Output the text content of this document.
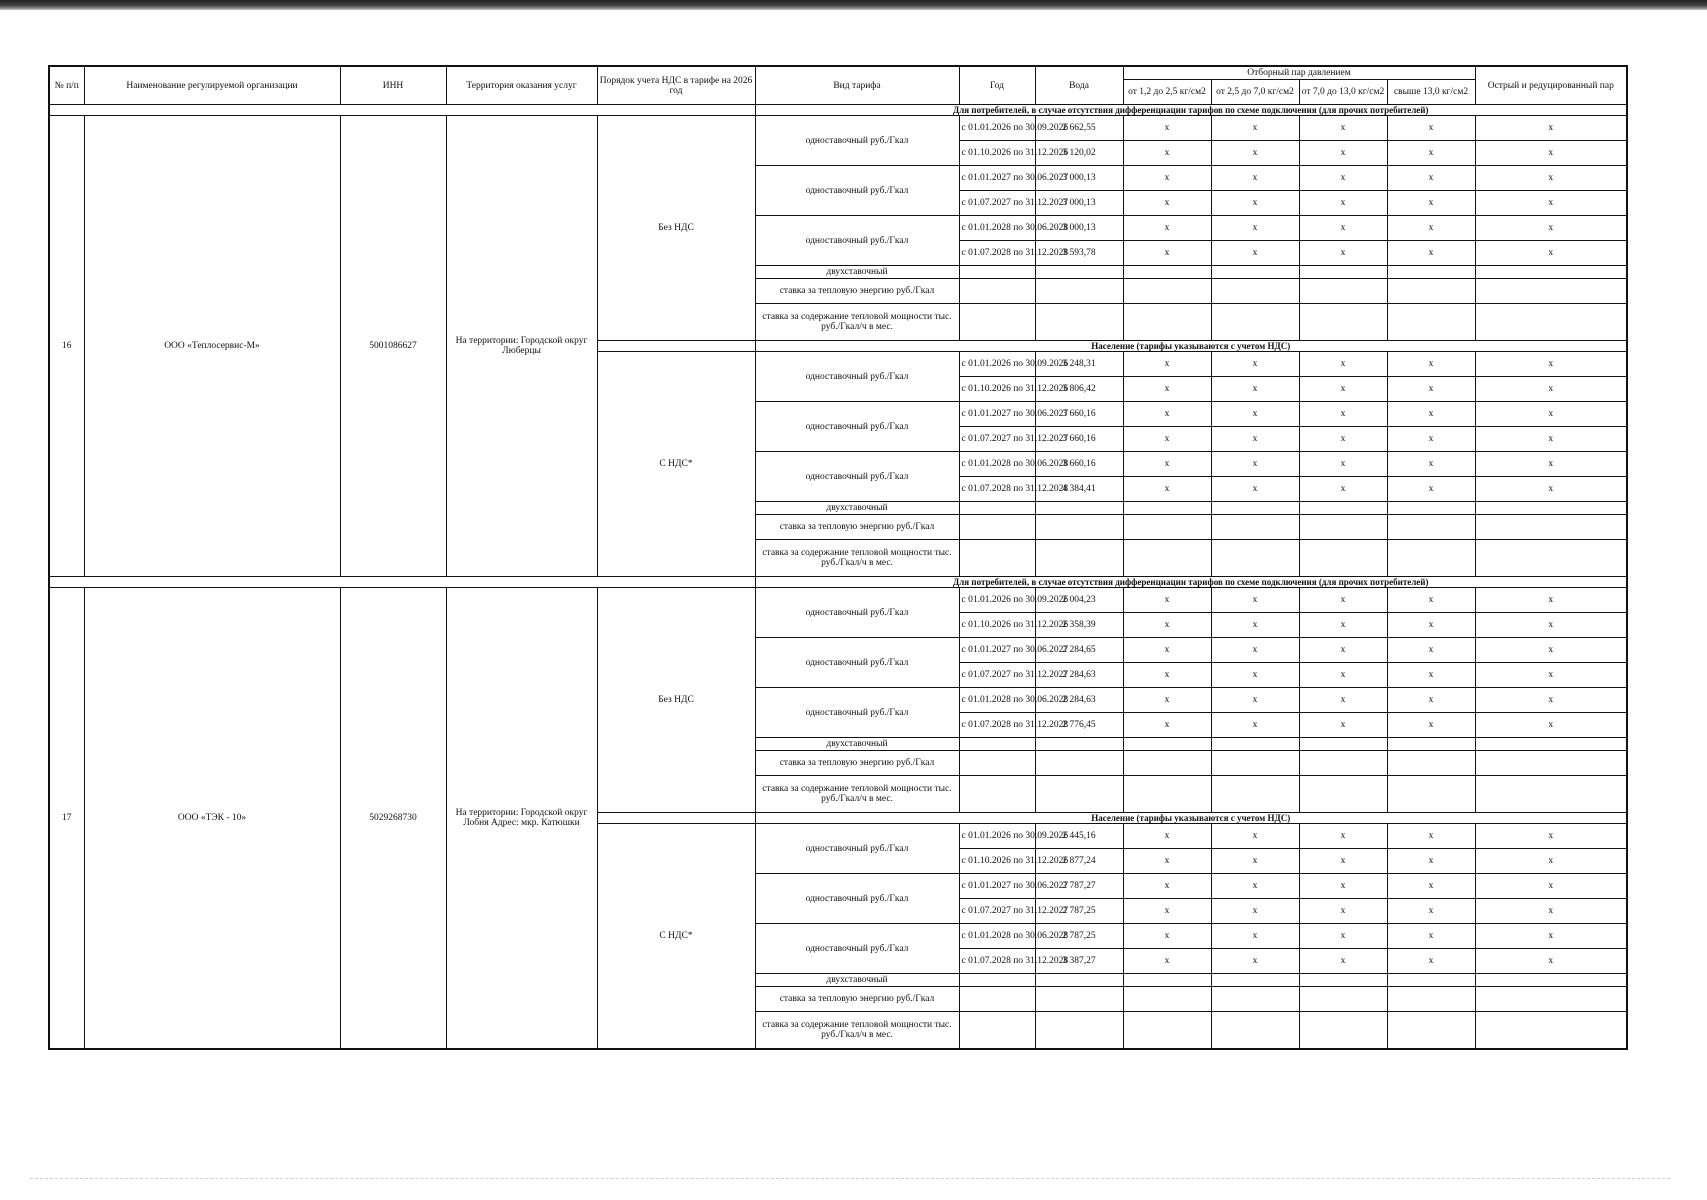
№ п/п	Наименование регулируемой организации	ИНН	Территория оказания услуг	Порядок учета НДС в тарифе на 2026 год	Вид тарифа	Год	Вода	Отборный пар давлением				Острый и редуцированный пар
								от 1,2 до 2,5 кг/см2	от 2,5 до 7,0 кг/см2	от 7,0 до 13,0 кг/см2	свыше 13,0 кг/см2	
					Для потребителей, в случае отсутствия дифференциации тарифов по схеме подключения (для прочих потребителей)							
16	ООО «Теплосервис-М»	5001086627	На территории: Городской округ Люберцы	Без НДС	одноставочный руб./Гкал	с 01.01.2026 по 30.09.2026	2 662,55	x	x	x	x	x
						с 01.10.2026 по 31.12.2026	3 120,02	x	x	x	x	x
					одноставочный руб./Гкал	с 01.01.2027 по 30.06.2027	3 000,13	x	x	x	x	x
						с 01.07.2027 по 31.12.2027	3 000,13	x	x	x	x	x
					одноставочный руб./Гкал	с 01.01.2028 по 30.06.2028	3 000,13	x	x	x	x	x
						с 01.07.2028 по 31.12.2028	3 593,78	x	x	x	x	x
					двухставочный							
					ставка за тепловую энергию руб./Гкал							
					ставка за содержание тепловой мощности тыс. руб./Гкал/ч в мес.							
					Население (тарифы указываются с учетом НДС)							
				С НДС*	одноставочный руб./Гкал	с 01.01.2026 по 30.09.2026	3 248,31	x	x	x	x	x
						с 01.10.2026 по 31.12.2026	3 806,42	x	x	x	x	x
					одноставочный руб./Гкал	с 01.01.2027 по 30.06.2027	3 660,16	x	x	x	x	x
						с 01.07.2027 по 31.12.2027	3 660,16	x	x	x	x	x
					одноставочный руб./Гкал	с 01.01.2028 по 30.06.2028	3 660,16	x	x	x	x	x
						с 01.07.2028 по 31.12.2028	4 384,41	x	x	x	x	x
					двухставочный							
					ставка за тепловую энергию руб./Гкал							
					ставка за содержание тепловой мощности тыс. руб./Гкал/ч в мес.							
					Для потребителей, в случае отсутствия дифференциации тарифов по схеме подключения (для прочих потребителей)							
17	ООО «ТЭК - 10»	5029268730	На территории: Городской округ Лобня Адрес: мкр. Катюшки	Без НДС	одноставочный руб./Гкал	с 01.01.2026 по 30.09.2026	2 004,23	x	x	x	x	x
						с 01.10.2026 по 31.12.2026	2 358,39	x	x	x	x	x
					одноставочный руб./Гкал	с 01.01.2027 по 30.06.2027	2 284,65	x	x	x	x	x
						с 01.07.2027 по 31.12.2027	2 284,63	x	x	x	x	x
					одноставочный руб./Гкал	с 01.01.2028 по 30.06.2028	2 284,63	x	x	x	x	x
						с 01.07.2028 по 31.12.2028	2 776,45	x	x	x	x	x
					двухставочный							
					ставка за тепловую энергию руб./Гкал							
					ставка за содержание тепловой мощности тыс. руб./Гкал/ч в мес.							
					Население (тарифы указываются с учетом НДС)							
				С НДС*	одноставочный руб./Гкал	с 01.01.2026 по 30.09.2026	2 445,16	x	x	x	x	x
						с 01.10.2026 по 31.12.2026	2 877,24	x	x	x	x	x
					одноставочный руб./Гкал	с 01.01.2027 по 30.06.2027	2 787,27	x	x	x	x	x
						с 01.07.2027 по 31.12.2027	2 787,25	x	x	x	x	x
					одноставочный руб./Гкал	с 01.01.2028 по 30.06.2028	2 787,25	x	x	x	x	x
						с 01.07.2028 по 31.12.2028	3 387,27	x	x	x	x	x
					двухставочный							
					ставка за тепловую энергию руб./Гкал							
					ставка за содержание тепловой мощности тыс. руб./Гкал/ч в мес.							
